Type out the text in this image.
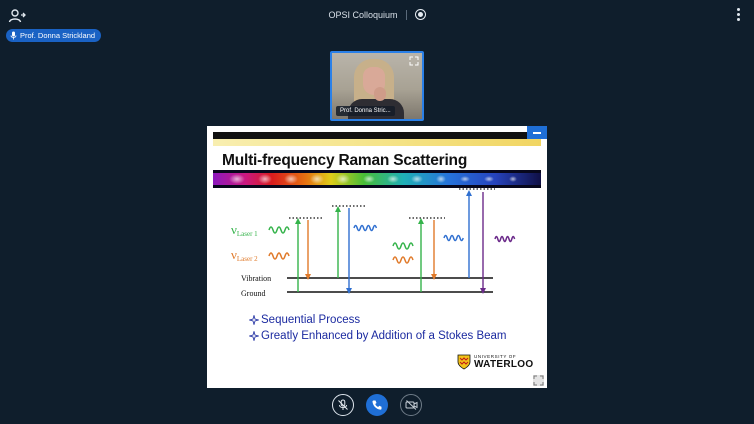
OPSI Colloquium
Prof. Donna Strickland
Prof. Donna Stric...
Multi-frequency Raman Scattering
νLaser 1
νLaser 2
Vibration
Ground
Sequential Process
Greatly Enhanced by Addition of a Stokes Beam
UNIVERSITY OF
WATERLOO
